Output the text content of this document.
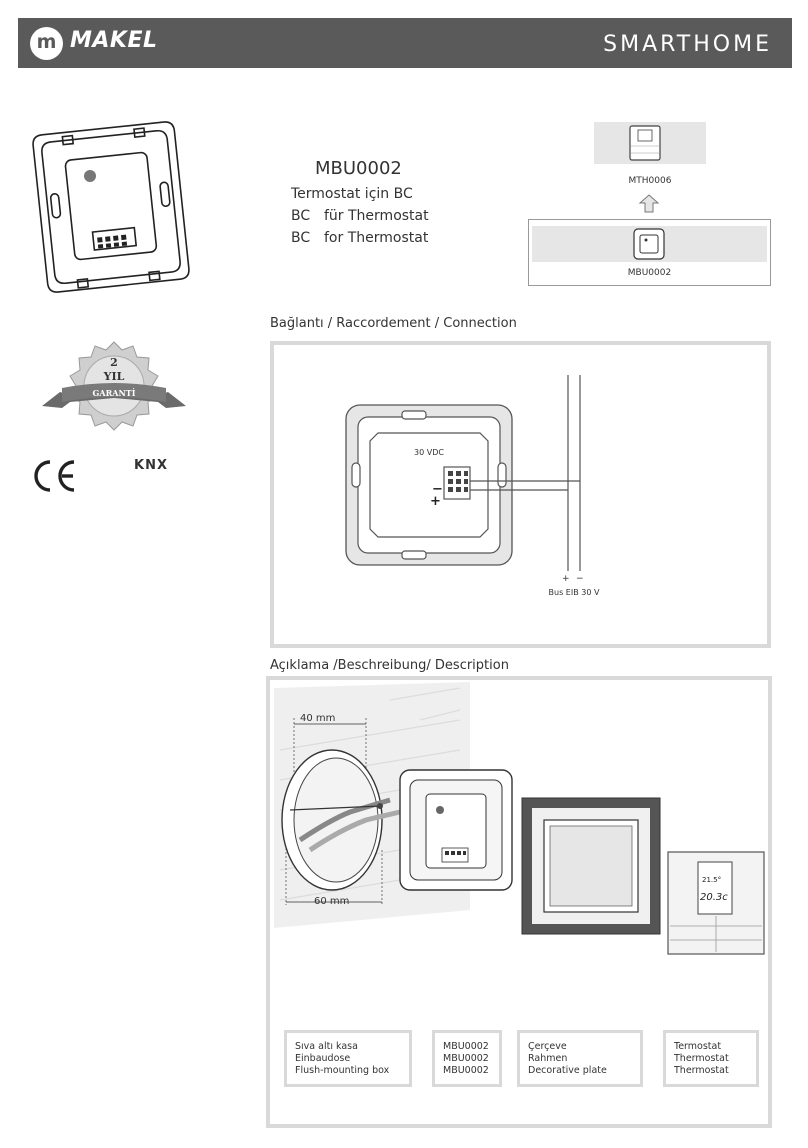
m MAKEL	SMARTHOME
MBU0002
Termostat için BC
BC für Thermostat
BC for Thermostat
MTH0006
MBU0002
2
YIL
GARANTİ
KNX
Bağlantı / Raccordement / Connection
30 VDC
−
+
+ −
Bus EIB 30 V
Açıklama /Beschreibung/ Description
40 mm
60 mm
21.5°
20.3c
Sıva altı kasa
Einbaudose
Flush-mounting box
MBU0002
MBU0002
MBU0002
Çerçeve
Rahmen
Decorative plate
Termostat
Thermostat
Thermostat
